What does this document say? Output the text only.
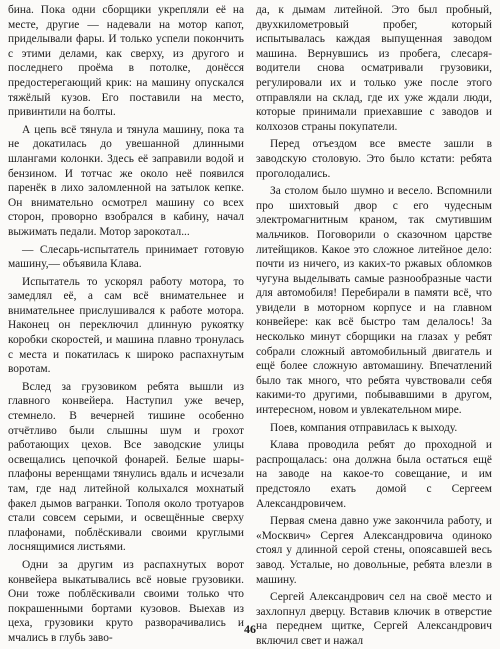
бина. Пока одни сборщики укрепляли её на месте, другие — надевали на мотор капот, приделывали фары. И только успели покончить с этими делами, как сверху, из другого и последнего проёма в потолке, донёсся предостерегающий крик: на машину опускался тяжёлый кузов. Его поставили на место, привинтили на болты.

А цепь всё тянула и тянула машину, пока та не докатилась до увешанной длинными шлангами колонки. Здесь её заправили водой и бензином. И тотчас же около неё появился паренёк в лихо заломленной на затылок кепке. Он внимательно осмотрел машину со всех сторон, проворно взобрался в кабину, начал выжимать педали. Мотор зарокотал...

— Слесарь-испытатель принимает готовую машину,— объявила Клава.

Испытатель то ускорял работу мотора, то замедлял её, а сам всё внимательнее и внимательнее прислушивался к работе мотора. Наконец он переключил длинную рукоятку коробки скоростей, и машина плавно тронулась с места и покатилась к широко распахнутым воротам.

Вслед за грузовиком ребята вышли из главного конвейера. Наступил уже вечер, стемнело. В вечерней тишине особенно отчётливо были слышны шум и грохот работающих цехов. Все заводские улицы освещались цепочкой фонарей. Белые шары-плафоны веренщами тянулись вдаль и исчезали там, где над литейной колыхался мохнатый факел дымов вагранки. Тополя около тротуаров стали совсем серыми, и освещённые сверху плафонами, поблёскивали своими круглыми лоснящимися листьями.

Одни за другим из распахнутых ворот конвейера выкатывались всё новые грузовики. Они тоже поблёскивали своими только что покрашенными бортами кузовов. Выехав из цеха, грузовики круто разворачивались и мчались в глубь заво-

да, к дымам литейной. Это был пробный, двухкилометровый пробег, который испытывалась каждая выпущенная заводом машина. Вернувшись из пробега, слесаря-водители снова осматривали грузовики, регулировали их и только уже после этого отправляли на склад, где их уже ждали люди, которые принимали приехавшие с заводов и колхозов страны покупатели.

Перед отъездом все вместе зашли в заводскую столовую. Это было кстати: ребята проголодались.

За столом было шумно и весело. Вспомнили про шихтовый двор с его чудесным электромагнитным краном, так смутившим мальчиков. Поговорили о сказочном царстве литейщиков. Какое это сложное литейное дело: почти из ничего, из каких-то ржавых обломков чугуна выделывать самые разнообразные части для автомобиля! Перебирали в памяти всё, что увидели в моторном корпусе и на главном конвейере: как всё быстро там делалось! За несколько минут сборщики на глазах у ребят собрали сложный автомобильный двигатель и ещё более сложную автомашину. Впечатлений было так много, что ребята чувствовали себя какими-то другими, побывавшими в другом, интересном, новом и увлекательном мире.

Поев, компания отправилась к выходу.

Клава проводила ребят до проходной и распрощалась: она должна была остаться ещё на заводе на какое-то совещание, и им предстояло ехать домой с Сергеем Александровичем.

Первая смена давно уже закончила работу, и «Москвич» Сергея Александровича одиноко стоял у длинной серой стены, опоясавшей весь завод. Усталые, но довольные, ребята влезли в машину.

Сергей Александрович сел на своё место и захлопнул дверцу. Вставив ключик в отверстие на переднем щитке, Сергей Александрович включил свет и нажал

46
